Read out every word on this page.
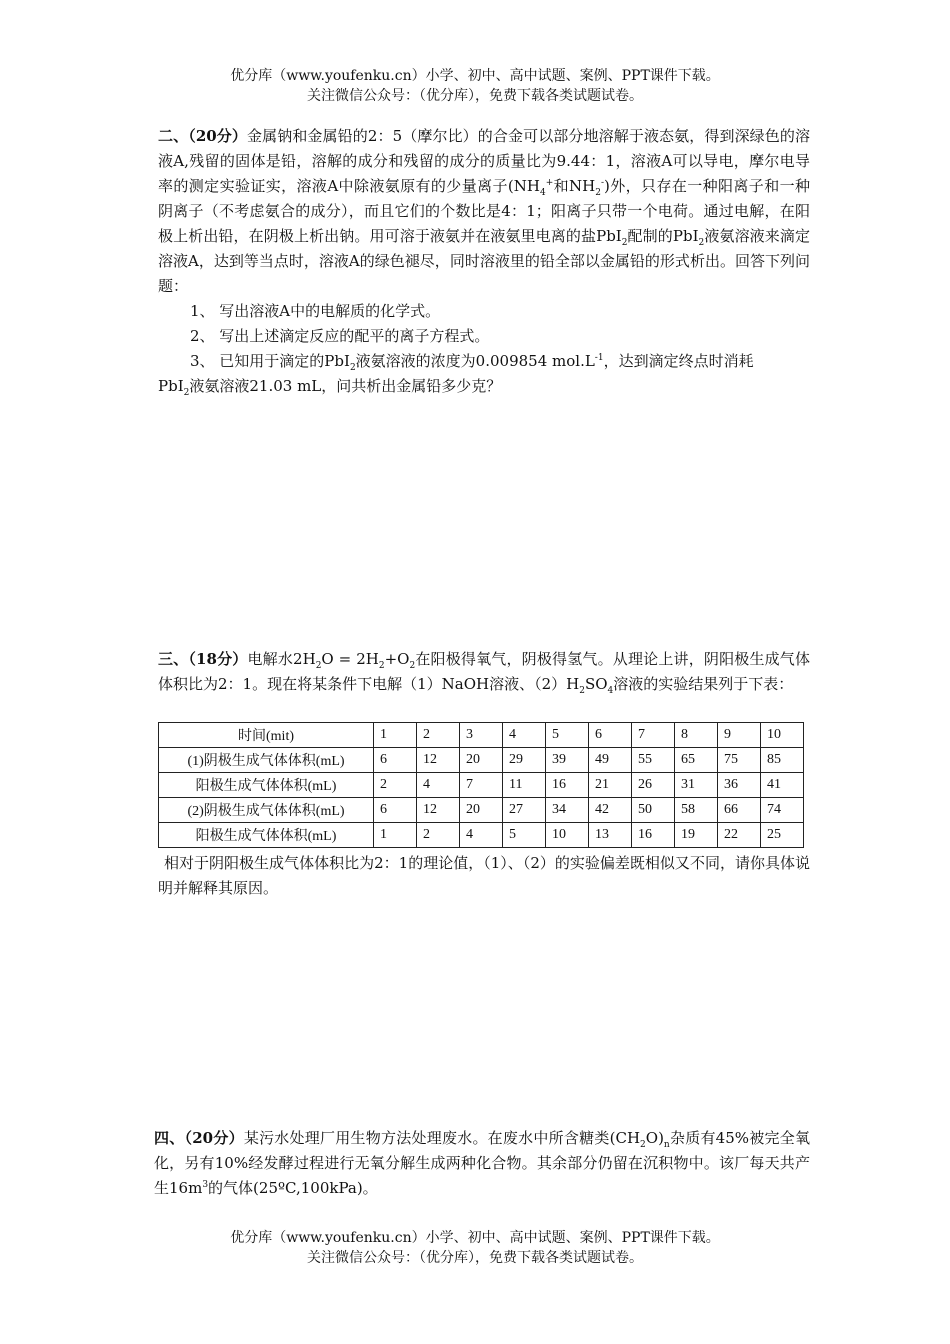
优分库（www.youfenku.cn）小学、初中、高中试题、案例、PPT课件下载。
关注微信公众号：（优分库），免费下载各类试题试卷。

二、（20分）金属钠和金属铅的2：5（摩尔比）的合金可以部分地溶解于液态氨，得到深绿色的溶液A,残留的固体是铅，溶解的成分和残留的成分的质量比为9.44：1，溶液A可以导电，摩尔电导率的测定实验证实，溶液A中除液氨原有的少量离子($NH_4^+$和$NH_2^-$)外，只存在一种阳离子和一种阴离子（不考虑氨合的成分），而且它们的个数比是4：1；阳离子只带一个电荷。通过电解，在阳极上析出铅，在阴极上析出钠。用可溶于液氨并在液氨里电离的盐PbI$_2$配制的PbI$_2$液氨溶液来滴定溶液A，达到等当点时，溶液A的绿色褪尽，同时溶液里的铅全部以金属铅的形式析出。回答下列问题：

1、 写出溶液A中的电解质的化学式。

2、 写出上述滴定反应的配平的离子方程式。

3、 已知用于滴定的PbI$_2$液氨溶液的浓度为0.009854 $mol.L^{-1}$，达到滴定终点时消耗

PbI$_2$液氨溶液21.03 mL，问共析出金属铅多少克？

三、（18分）电解水$2H_2O = 2H_2+O_2$在阳极得氧气，阴极得氢气。从理论上讲，阴阳极生成气体体积比为2：1。现在将某条件下电解（1）NaOH溶液、$(2)H_2SO_4$溶液的实验结果列于下表：

时间(mit)	1	2	3	4	5	6	7	8	9	10
(1)阴极生成气体体积(mL)	6	12	20	29	39	49	55	65	75	85
阳极生成气体体积(mL)	2	4	7	11	16	21	26	31	36	41
(2)阴极生成气体体积(mL)	6	12	20	27	34	42	50	58	66	74
阳极生成气体体积(mL)	1	2	4	5	10	13	16	19	22	25

相对于阴阳极生成气体体积比为2：1的理论值，（1）、（2）的实验偏差既相似又不同，请你具体说明并解释其原因。

四、（20分）某污水处理厂用生物方法处理废水。在废水中所含糖类$(CH_2O)_n$杂质有45%被完全氧化，另有10%经发酵过程进行无氧分解生成两种化合物。其余部分仍留在沉积物中。该厂每天共产生$16m^3$的气体(25ºC,100kPa)。

优分库（www.youfenku.cn）小学、初中、高中试题、案例、PPT课件下载。
关注微信公众号：（优分库），免费下载各类试题试卷。
